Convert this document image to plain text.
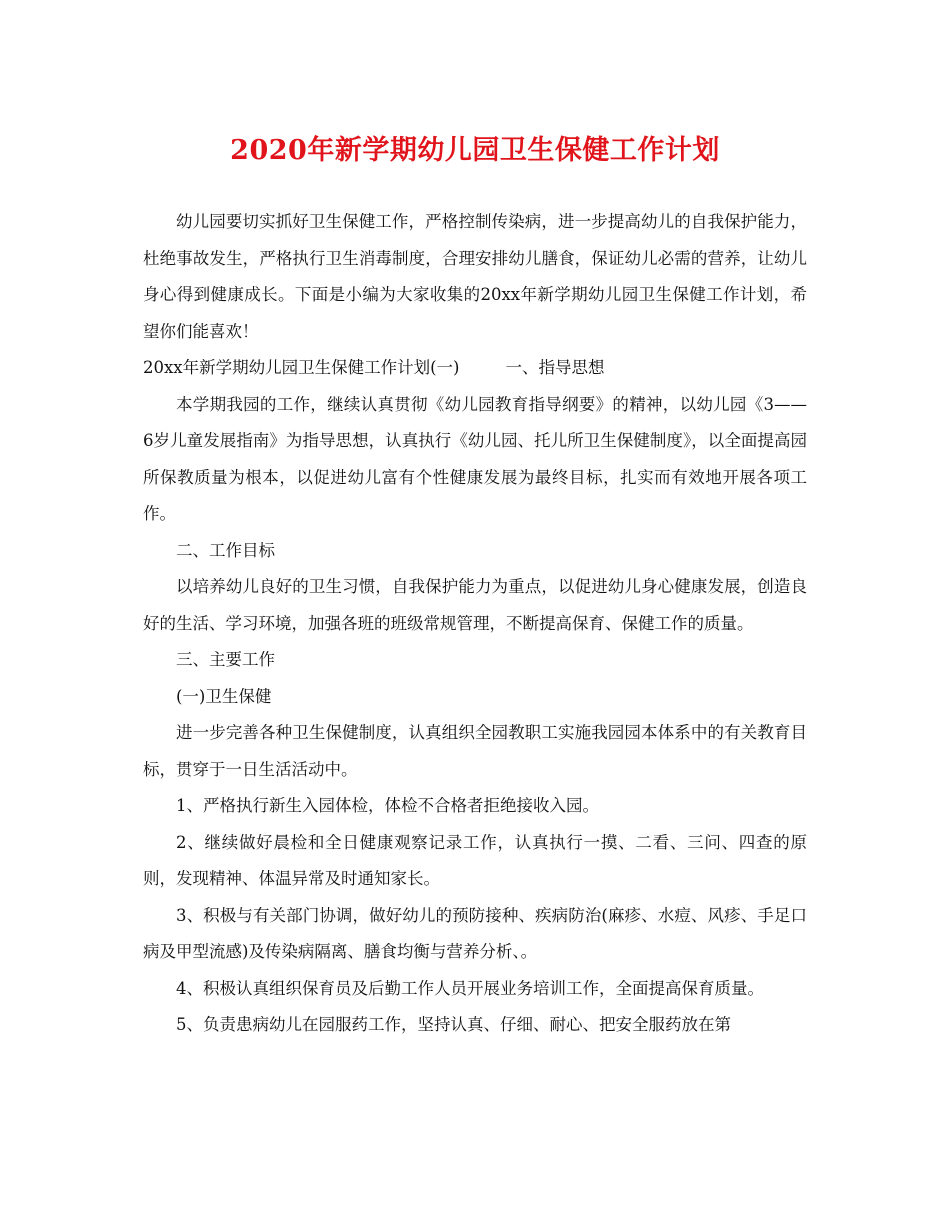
2020年新学期幼儿园卫生保健工作计划

幼儿园要切实抓好卫生保健工作，严格控制传染病，进一步提高幼儿的自我保护能力，杜绝事故发生，严格执行卫生消毒制度，合理安排幼儿膳食，保证幼儿必需的营养，让幼儿身心得到健康成长。下面是小编为大家收集的20xx年新学期幼儿园卫生保健工作计划，希望你们能喜欢！

20xx年新学期幼儿园卫生保健工作计划(一)	一、指导思想

本学期我园的工作，继续认真贯彻《幼儿园教育指导纲要》的精神，以幼儿园《3——6岁儿童发展指南》为指导思想，认真执行《幼儿园、托儿所卫生保健制度》，以全面提高园所保教质量为根本，以促进幼儿富有个性健康发展为最终目标，扎实而有效地开展各项工作。

二、工作目标

以培养幼儿良好的卫生习惯，自我保护能力为重点，以促进幼儿身心健康发展，创造良好的生活、学习环境，加强各班的班级常规管理，不断提高保育、保健工作的质量。

三、主要工作

(一)卫生保健

进一步完善各种卫生保健制度，认真组织全园教职工实施我园园本体系中的有关教育目标，贯穿于一日生活活动中。

1、严格执行新生入园体检，体检不合格者拒绝接收入园。

2、继续做好晨检和全日健康观察记录工作，认真执行一摸、二看、三问、四查的原则，发现精神、体温异常及时通知家长。

3、积极与有关部门协调，做好幼儿的预防接种、疾病防治(麻疹、水痘、风疹、手足口病及甲型流感)及传染病隔离、膳食均衡与营养分析、。

4、积极认真组织保育员及后勤工作人员开展业务培训工作，全面提高保育质量。

5、负责患病幼儿在园服药工作，坚持认真、仔细、耐心、把安全服药放在第
